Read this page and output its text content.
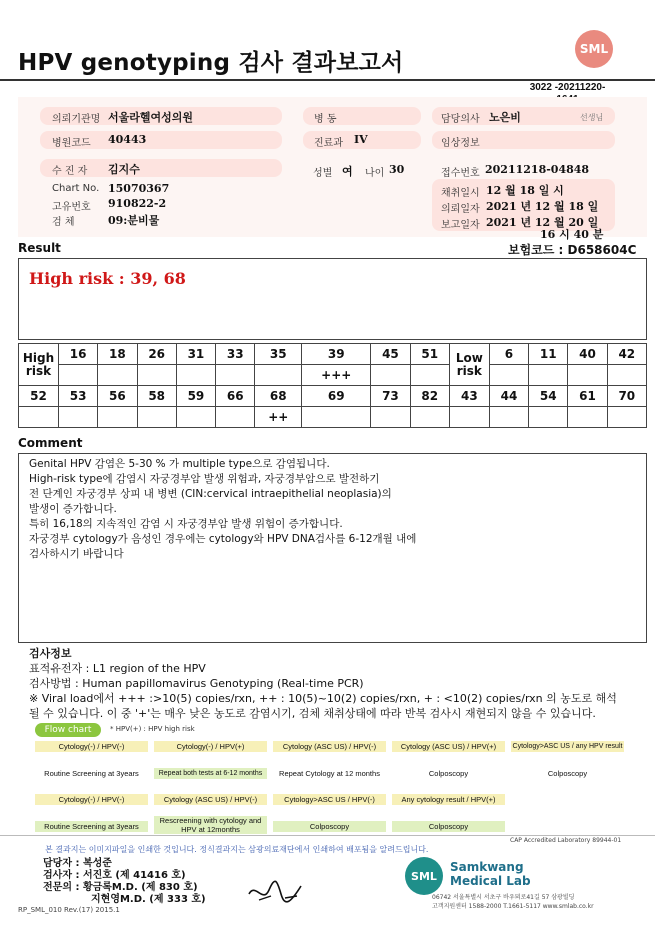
HPV genotyping 검사 결과보고서
SML
3022 -20211220-
의뢰기관명 서울라헬여성의원	병 동	담당의사 노은비	선생님
병원코드 40443	진료과 IV	임상정보
수 진 자 김지수	성별 여 나이 30	접수번호 20211218-04848
Chart No. 15070367
고유번호 910822-2
검 체	09:분비물
채취일시 12 월 18 일 시
의뢰일자 2021 년 12 월 18 일
보고일자 2021 년 12 월 20 일
16 시 40 분
Result	보험코드 : D658604C
High risk : 39, 68
High risk	16	18	26	31	33	35	39	45	51	Low risk	6	11	40	42
							+++							
52	53	56	58	59	66	68	69	73	82	43	44	54	61	70
						++								
Comment
Genital HPV 감염은 5-30 % 가 multiple type으로 감염됩니다.
High-risk type에 감염시 자궁경부암 발생 위험과, 자궁경부암으로 발전하기
전 단계인 자궁경부 상피 내 병변 (CIN:cervical intraepithelial neoplasia)의
발생이 증가합니다.
특히 16,18의 지속적인 감염 시 자궁경부암 발생 위험이 증가합니다.
자궁경부 cytology가 음성인 경우에는 cytology와 HPV DNA검사를 6-12개월 내에
검사하시기 바랍니다
검사정보
표적유전자 : L1 region of the HPV
검사방법 : Human papillomavirus Genotyping (Real-time PCR)
※ Viral load에서 +++ :>10(5) copies/rxn, ++ : 10(5)~10(2) copies/rxn, + : <10(2) copies/rxn 의 농도로 해석
될 수 있습니다. 이 중 '+'는 매우 낮은 농도로 감염시기, 검체 채취상태에 따라 반복 검사시 재현되지 않을 수 있습니다.
Flow chart	* HPV(+) : HPV high risk
Cytology(-) / HPV(-)	Cytology(-) / HPV(+)	Cytology (ASC US) / HPV(-)	Cytology (ASC US) / HPV(+)	Cytology>ASC US / any HPV result
Routine Screening at 3years	Repeat both tests at 6-12 months	Repeat Cytology at 12 months	Colposcopy	Colposcopy
Cytology(-) / HPV(-)	Cytology (ASC US) / HPV(-)	Cytology>ASC US / HPV(-)	Any cytology result / HPV(+)
Routine Screening at 3years
Rescreening with cytology and HPV at 12months	Colposcopy	Colposcopy
CAP Accredited Laboratory 89944-01
본 결과지는 이미지파일을 인쇄한 것입니다. 정식결과지는 삼광의료재단에서 인쇄하여 배포됨을 알려드립니다.
담당자 : 복성준
검사자 : 서진호 (제 41416 호)
전문의 : 황금록M.D. (제 830 호)
지현영M.D. (제 333 호)
SML
Samkwang
Medical Lab
06742 서울특별시 서초구 바우뫼로41길 57 삼광빌딩
고객지원센터 1588-2000 T.1661-5117 www.smlab.co.kr
RP_SML_010 Rev.(17) 2015.1
